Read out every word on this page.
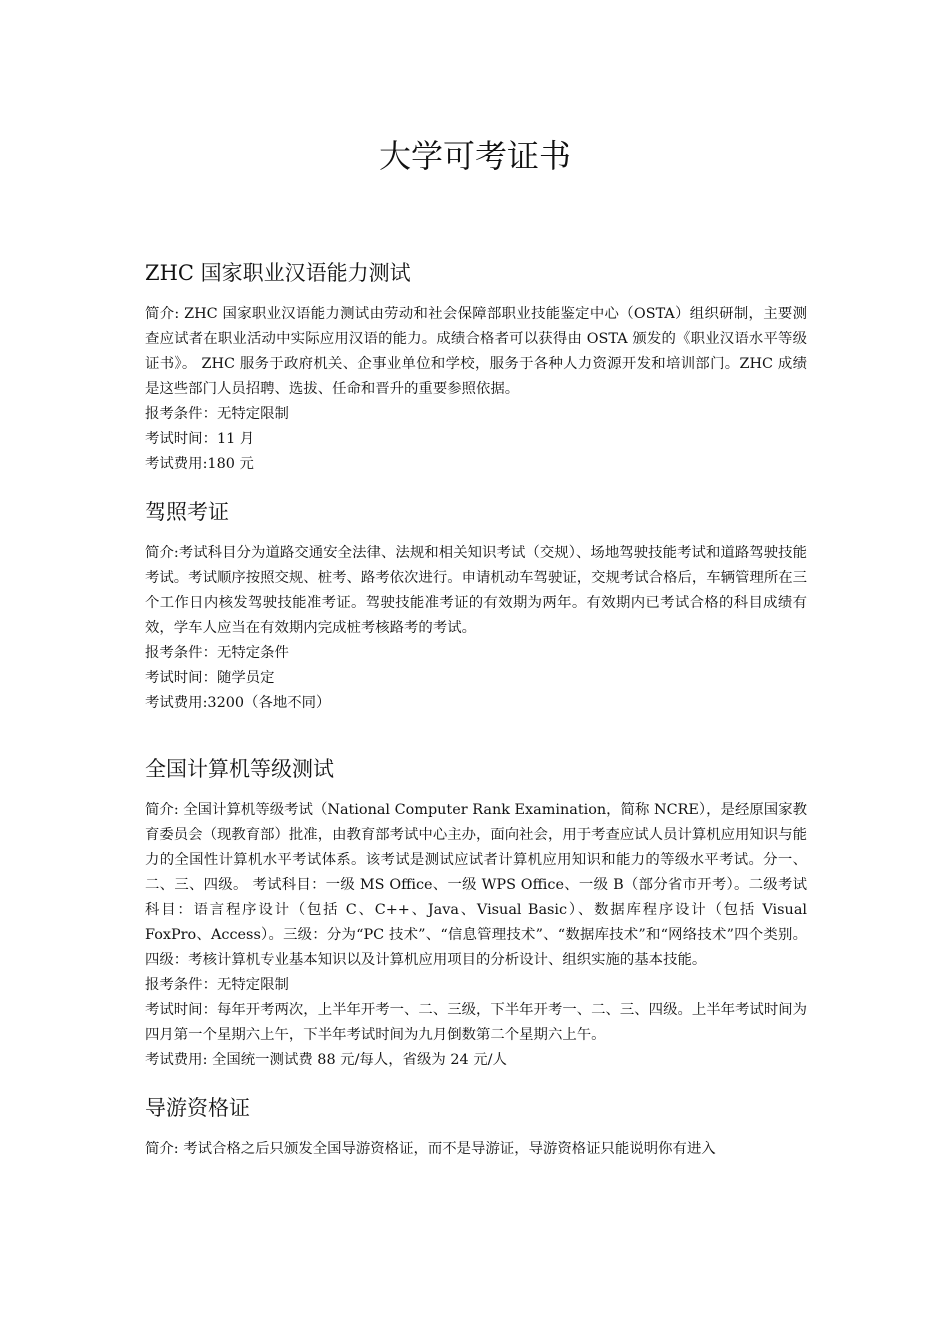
大学可考证书
ZHC 国家职业汉语能力测试

简介: ZHC 国家职业汉语能力测试由劳动和社会保障部职业技能鉴定中心（OSTA）组织研制，主要测查应试者在职业活动中实际应用汉语的能力。成绩合格者可以获得由 OSTA 颁发的《职业汉语水平等级证书》。 ZHC 服务于政府机关、企事业单位和学校，服务于各种人力资源开发和培训部门。ZHC 成绩是这些部门人员招聘、选拔、任命和晋升的重要参照依据。

报考条件：无特定限制

考试时间：11 月

考试费用:180 元

驾照考证

简介:考试科目分为道路交通安全法律、法规和相关知识考试（交规）、场地驾驶技能考试和道路驾驶技能考试。考试顺序按照交规、桩考、路考依次进行。申请机动车驾驶证，交规考试合格后，车辆管理所在三个工作日内核发驾驶技能准考证。驾驶技能准考证的有效期为两年。有效期内已考试合格的科目成绩有效，学车人应当在有效期内完成桩考核路考的考试。

报考条件：无特定条件

考试时间：随学员定

考试费用:3200（各地不同）

全国计算机等级测试

简介: 全国计算机等级考试（National Computer Rank Examination，简称 NCRE），是经原国家教育委员会（现教育部）批准，由教育部考试中心主办，面向社会，用于考查应试人员计算机应用知识与能力的全国性计算机水平考试体系。该考试是测试应试者计算机应用知识和能力的等级水平考试。分一、二、三、四级。 考试科目：一级 MS Office、一级 WPS Office、一级 B（部分省市开考）。二级考试科目：语言程序设计（包括 C、C++、Java、Visual Basic）、数据库程序设计（包括 Visual FoxPro、Access）。三级：分为“PC 技术”、“信息管理技术”、“数据库技术”和“网络技术”四个类别。四级：考核计算机专业基本知识以及计算机应用项目的分析设计、组织实施的基本技能。

报考条件：无特定限制

考试时间：每年开考两次，上半年开考一、二、三级，下半年开考一、二、三、四级。上半年考试时间为四月第一个星期六上午，下半年考试时间为九月倒数第二个星期六上午。

考试费用: 全国统一测试费 88 元/每人，省级为 24 元/人

导游资格证

简介: 考试合格之后只颁发全国导游资格证，而不是导游证，导游资格证只能说明你有进入
